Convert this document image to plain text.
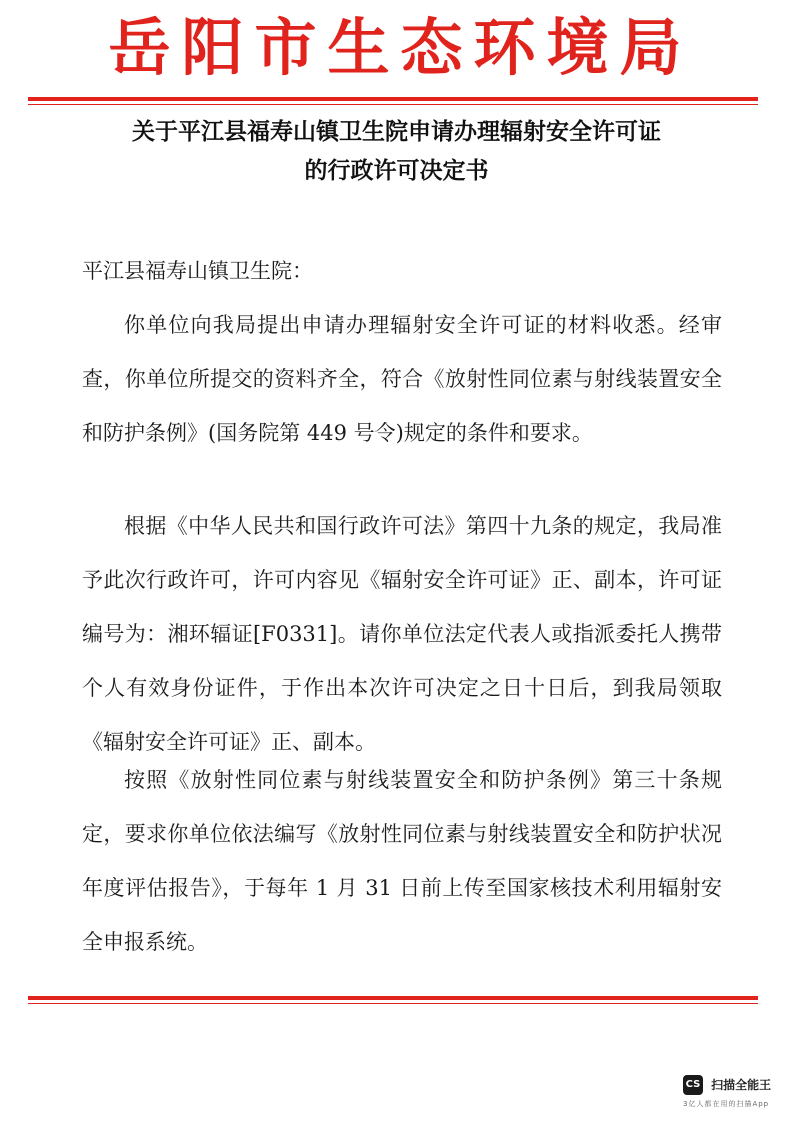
岳阳市生态环境局
关于平江县福寿山镇卫生院申请办理辐射安全许可证
的行政许可决定书

平江县福寿山镇卫生院：

你单位向我局提出申请办理辐射安全许可证的材料收悉。经审查，你单位所提交的资料齐全，符合《放射性同位素与射线装置安全和防护条例》(国务院第 449 号令)规定的条件和要求。

根据《中华人民共和国行政许可法》第四十九条的规定，我局准予此次行政许可，许可内容见《辐射安全许可证》正、副本，许可证编号为：湘环辐证[F0331]。请你单位法定代表人或指派委托人携带个人有效身份证件，于作出本次许可决定之日十日后，到我局领取《辐射安全许可证》正、副本。

按照《放射性同位素与射线装置安全和防护条例》第三十条规定，要求你单位依法编写《放射性同位素与射线装置安全和防护状况年度评估报告》，于每年 1 月 31 日前上传至国家核技术利用辐射安全申报系统。

CS 扫描全能王
3亿人都在用的扫描App
